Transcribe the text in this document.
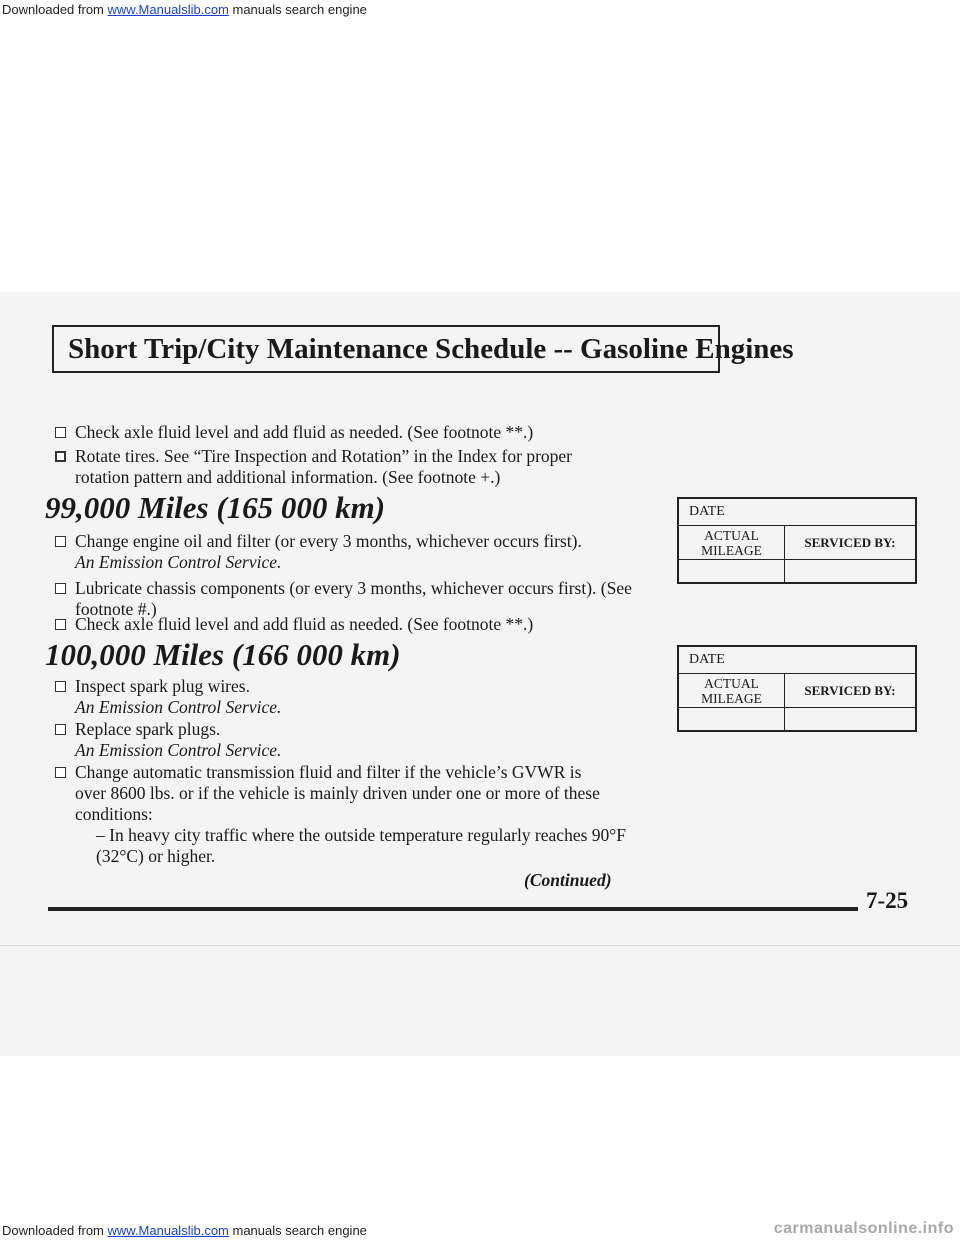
Downloaded from www.Manualslib.com manuals search engine
Short Trip/City Maintenance Schedule -- Gasoline Engines
Check axle fluid level and add fluid as needed. (See footnote **.)
Rotate tires. See “Tire Inspection and Rotation” in the Index for proper rotation pattern and additional information. (See footnote +.)
99,000 Miles (165 000 km)
Change engine oil and filter (or every 3 months, whichever occurs first).
An Emission Control Service.
Lubricate chassis components (or every 3 months, whichever occurs first). (See footnote #.)
Check axle fluid level and add fluid as needed. (See footnote **.)
100,000 Miles (166 000 km)
Inspect spark plug wires.
An Emission Control Service.
Replace spark plugs.
An Emission Control Service.
Change automatic transmission fluid and filter if the vehicle’s GVWR is over 8600 lbs. or if the vehicle is mainly driven under one or more of these conditions:
– In heavy city traffic where the outside temperature regularly reaches 90°F (32°C) or higher.
DATE
ACTUAL
MILEAGE
SERVICED BY:
DATE
ACTUAL
MILEAGE
SERVICED BY:
(Continued)
7-25
Downloaded from www.Manualslib.com manuals search engine	carmanualsonline.info
